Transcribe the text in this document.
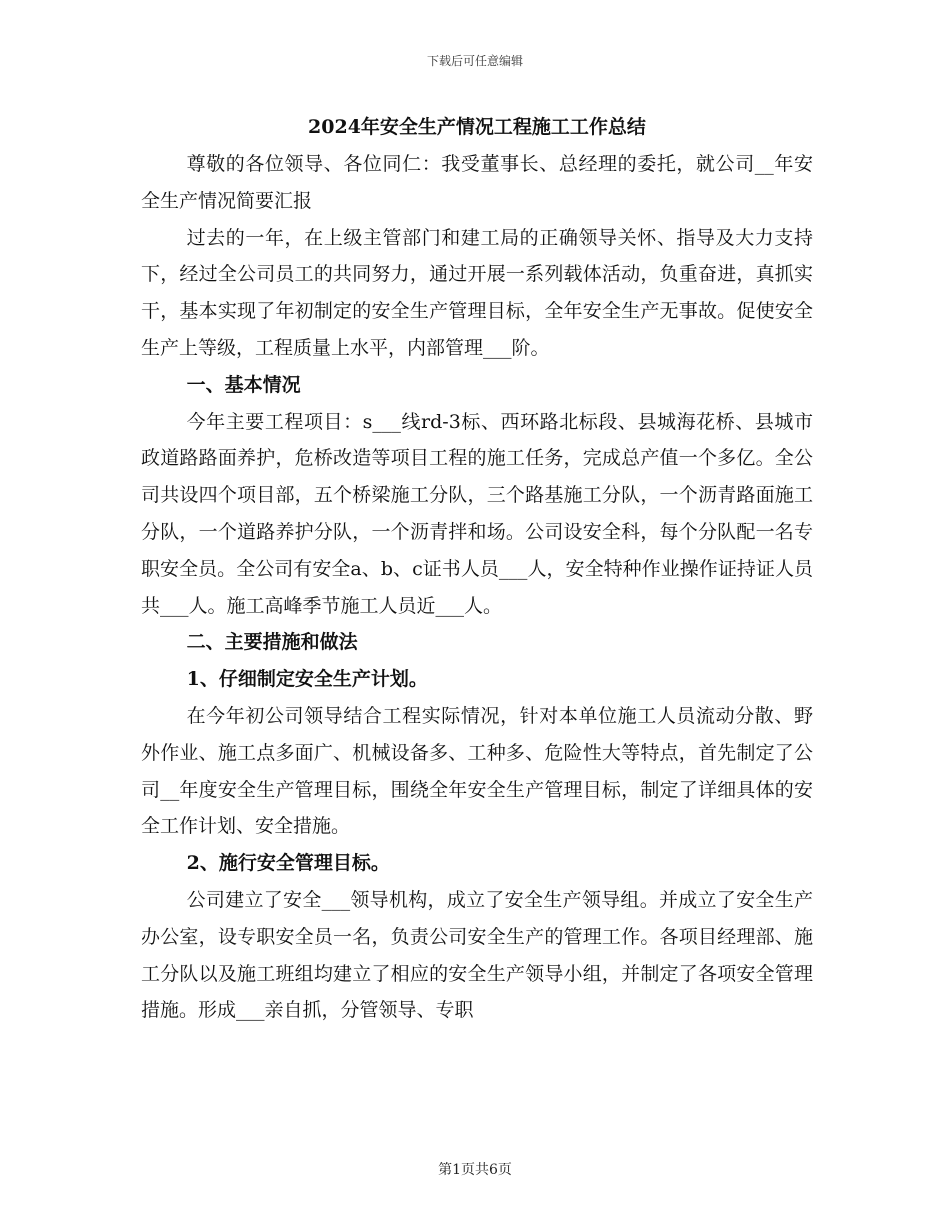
下载后可任意编辑
2024年安全生产情况工程施工工作总结

尊敬的各位领导、各位同仁：我受董事长、总经理的委托，就公司__年安全生产情况简要汇报

过去的一年，在上级主管部门和建工局的正确领导关怀、指导及大力支持下，经过全公司员工的共同努力，通过开展一系列载体活动，负重奋进，真抓实干，基本实现了年初制定的安全生产管理目标，全年安全生产无事故。促使安全生产上等级，工程质量上水平，内部管理___阶。

一、基本情况

今年主要工程项目：s___线rd-3标、西环路北标段、县城海花桥、县城市政道路路面养护，危桥改造等项目工程的施工任务，完成总产值一个多亿。全公司共设四个项目部，五个桥梁施工分队，三个路基施工分队，一个沥青路面施工分队，一个道路养护分队，一个沥青拌和场。公司设安全科，每个分队配一名专职安全员。全公司有安全a、b、c证书人员___人，安全特种作业操作证持证人员共___人。施工高峰季节施工人员近___人。

二、主要措施和做法

1、仔细制定安全生产计划。

在今年初公司领导结合工程实际情况，针对本单位施工人员流动分散、野外作业、施工点多面广、机械设备多、工种多、危险性大等特点，首先制定了公司__年度安全生产管理目标，围绕全年安全生产管理目标，制定了详细具体的安全工作计划、安全措施。

2、施行安全管理目标。

公司建立了安全___领导机构，成立了安全生产领导组。并成立了安全生产办公室，设专职安全员一名，负责公司安全生产的管理工作。各项目经理部、施工分队以及施工班组均建立了相应的安全生产领导小组，并制定了各项安全管理措施。形成___亲自抓，分管领导、专职

第1页共6页
